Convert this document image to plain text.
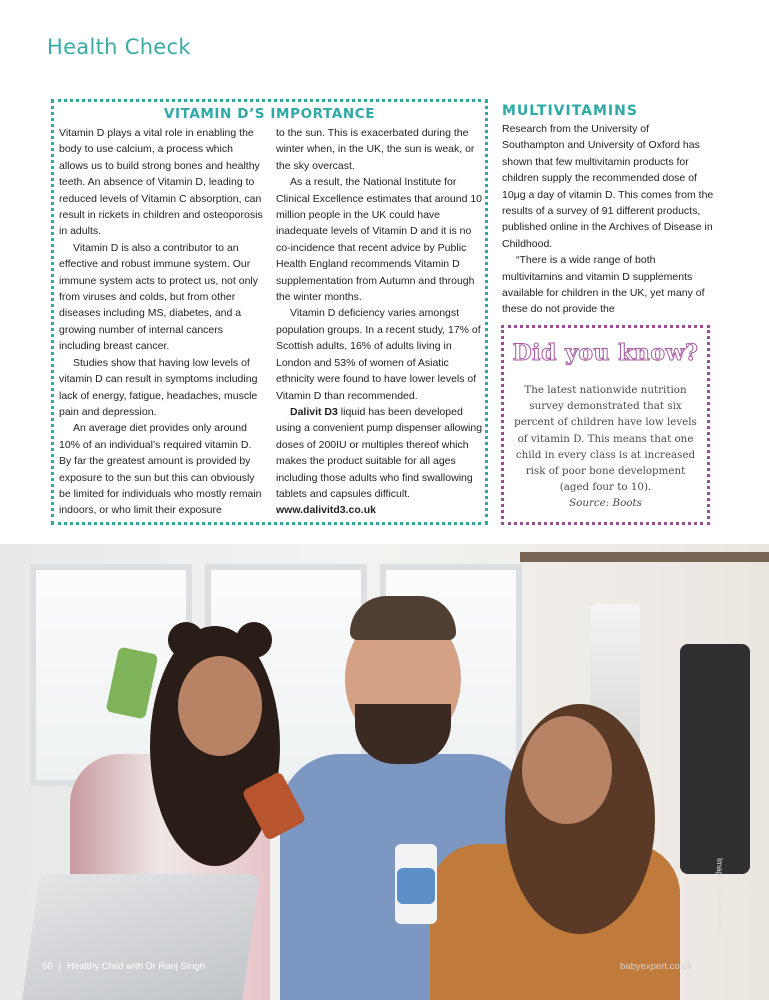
Health Check
VITAMIN D’S IMPORTANCE

Vitamin D plays a vital role in enabling the body to use calcium, a process which allows us to build strong bones and healthy teeth. An absence of Vitamin D, leading to reduced levels of Vitamin C absorption, can result in rickets in children and osteoporosis in adults.

Vitamin D is also a contributor to an effective and robust immune system. Our immune system acts to protect us, not only from viruses and colds, but from other diseases including MS, diabetes, and a growing number of internal cancers including breast cancer.

Studies show that having low levels of vitamin D can result in symptoms including lack of energy, fatigue, headaches, muscle pain and depression.

An average diet provides only around 10% of an individual’s required vitamin D. By far the greatest amount is provided by exposure to the sun but this can obviously be limited for individuals who mostly remain indoors, or who limit their exposure

to the sun. This is exacerbated during the winter when, in the UK, the sun is weak, or the sky overcast.

As a result, the National Institute for Clinical Excellence estimates that around 10 million people in the UK could have inadequate levels of Vitamin D and it is no co-incidence that recent advice by Public Health England recommends Vitamin D supplementation from Autumn and through the winter months.

Vitamin D deficiency varies amongst population groups. In a recent study, 17% of Scottish adults, 16% of adults living in London and 53% of women of Asiatic ethnicity were found to have lower levels of Vitamin D than recommended.

Dalivit D3 liquid has been developed using a convenient pump dispenser allowing doses of 200IU or multiples thereof which makes the product suitable for all ages including those adults who find swallowing tablets and capsules difficult.

www.dalivitd3.co.uk

MULTIVITAMINS

Research from the University of Southampton and University of Oxford has shown that few multivitamin products for children supply the recommended dose of 10μg a day of vitamin D. This comes from the results of a survey of 91 different products, published online in the Archives of Disease in Childhood.

“There is a wide range of both multivitamins and vitamin D supplements available for children in the UK, yet many of these do not provide the

Did you know?
The latest nationwide nutrition survey demonstrated that six percent of children have low levels of vitamin D. This means that one child in every class is at increased risk of poor bone development (aged four to 10).
Source: Boots
50 | Healthy Child with Dr Ranj Singh	babyexpert.co.uk
Images: Dreamstime
